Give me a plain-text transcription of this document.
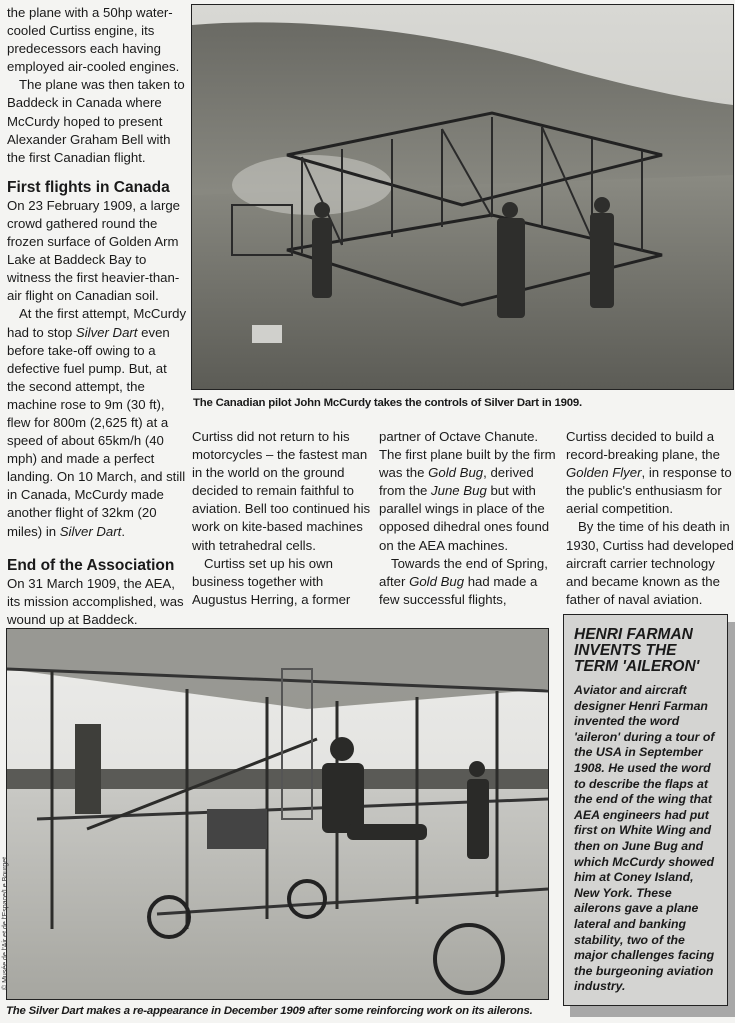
the plane with a 50hp water-cooled Curtiss engine, its predecessors each having employed air-cooled engines.

The plane was then taken to Baddeck in Canada where McCurdy hoped to present Alexander Graham Bell with the first Canadian flight.

First flights in Canada

On 23 February 1909, a large crowd gathered round the frozen surface of Golden Arm Lake at Baddeck Bay to witness the first heavier-than-air flight on Canadian soil.

At the first attempt, McCurdy had to stop Silver Dart even before take-off owing to a defective fuel pump. But, at the second attempt, the machine rose to 9m (30 ft), flew for 800m (2,625 ft) at a speed of about 65km/h (40 mph) and made a perfect landing. On 10 March, and still in Canada, McCurdy made another flight of 32km (20 miles) in Silver Dart.

End of the Association

On 31 March 1909, the AEA, its mission accomplished, was wound up at Baddeck.

The Canadian pilot John McCurdy takes the controls of Silver Dart in 1909.

Curtiss did not return to his motorcycles – the fastest man in the world on the ground decided to remain faithful to aviation. Bell too continued his work on kite-based machines with tetrahedral cells.

Curtiss set up his own business together with Augustus Herring, a former

partner of Octave Chanute. The first plane built by the firm was the Gold Bug, derived from the June Bug but with parallel wings in place of the opposed dihedral ones found on the AEA machines.

Towards the end of Spring, after Gold Bug had made a few successful flights,

Curtiss decided to build a record-breaking plane, the Golden Flyer, in response to the public's enthusiasm for aerial competition.

By the time of his death in 1930, Curtiss had developed aircraft carrier technology and became known as the father of naval aviation.

© Musée de l'Air et de l'Espace/Le Bourget
The Silver Dart makes a re-appearance in December 1909 after some reinforcing work on its ailerons.
HENRI FARMAN INVENTS THE TERM 'AILERON'

Aviator and aircraft designer Henri Farman invented the word 'aileron' during a tour of the USA in September 1908. He used the word to describe the flaps at the end of the wing that AEA engineers had put first on White Wing and then on June Bug and which McCurdy showed him at Coney Island, New York. These ailerons gave a plane lateral and banking stability, two of the major challenges facing the burgeoning aviation industry.
